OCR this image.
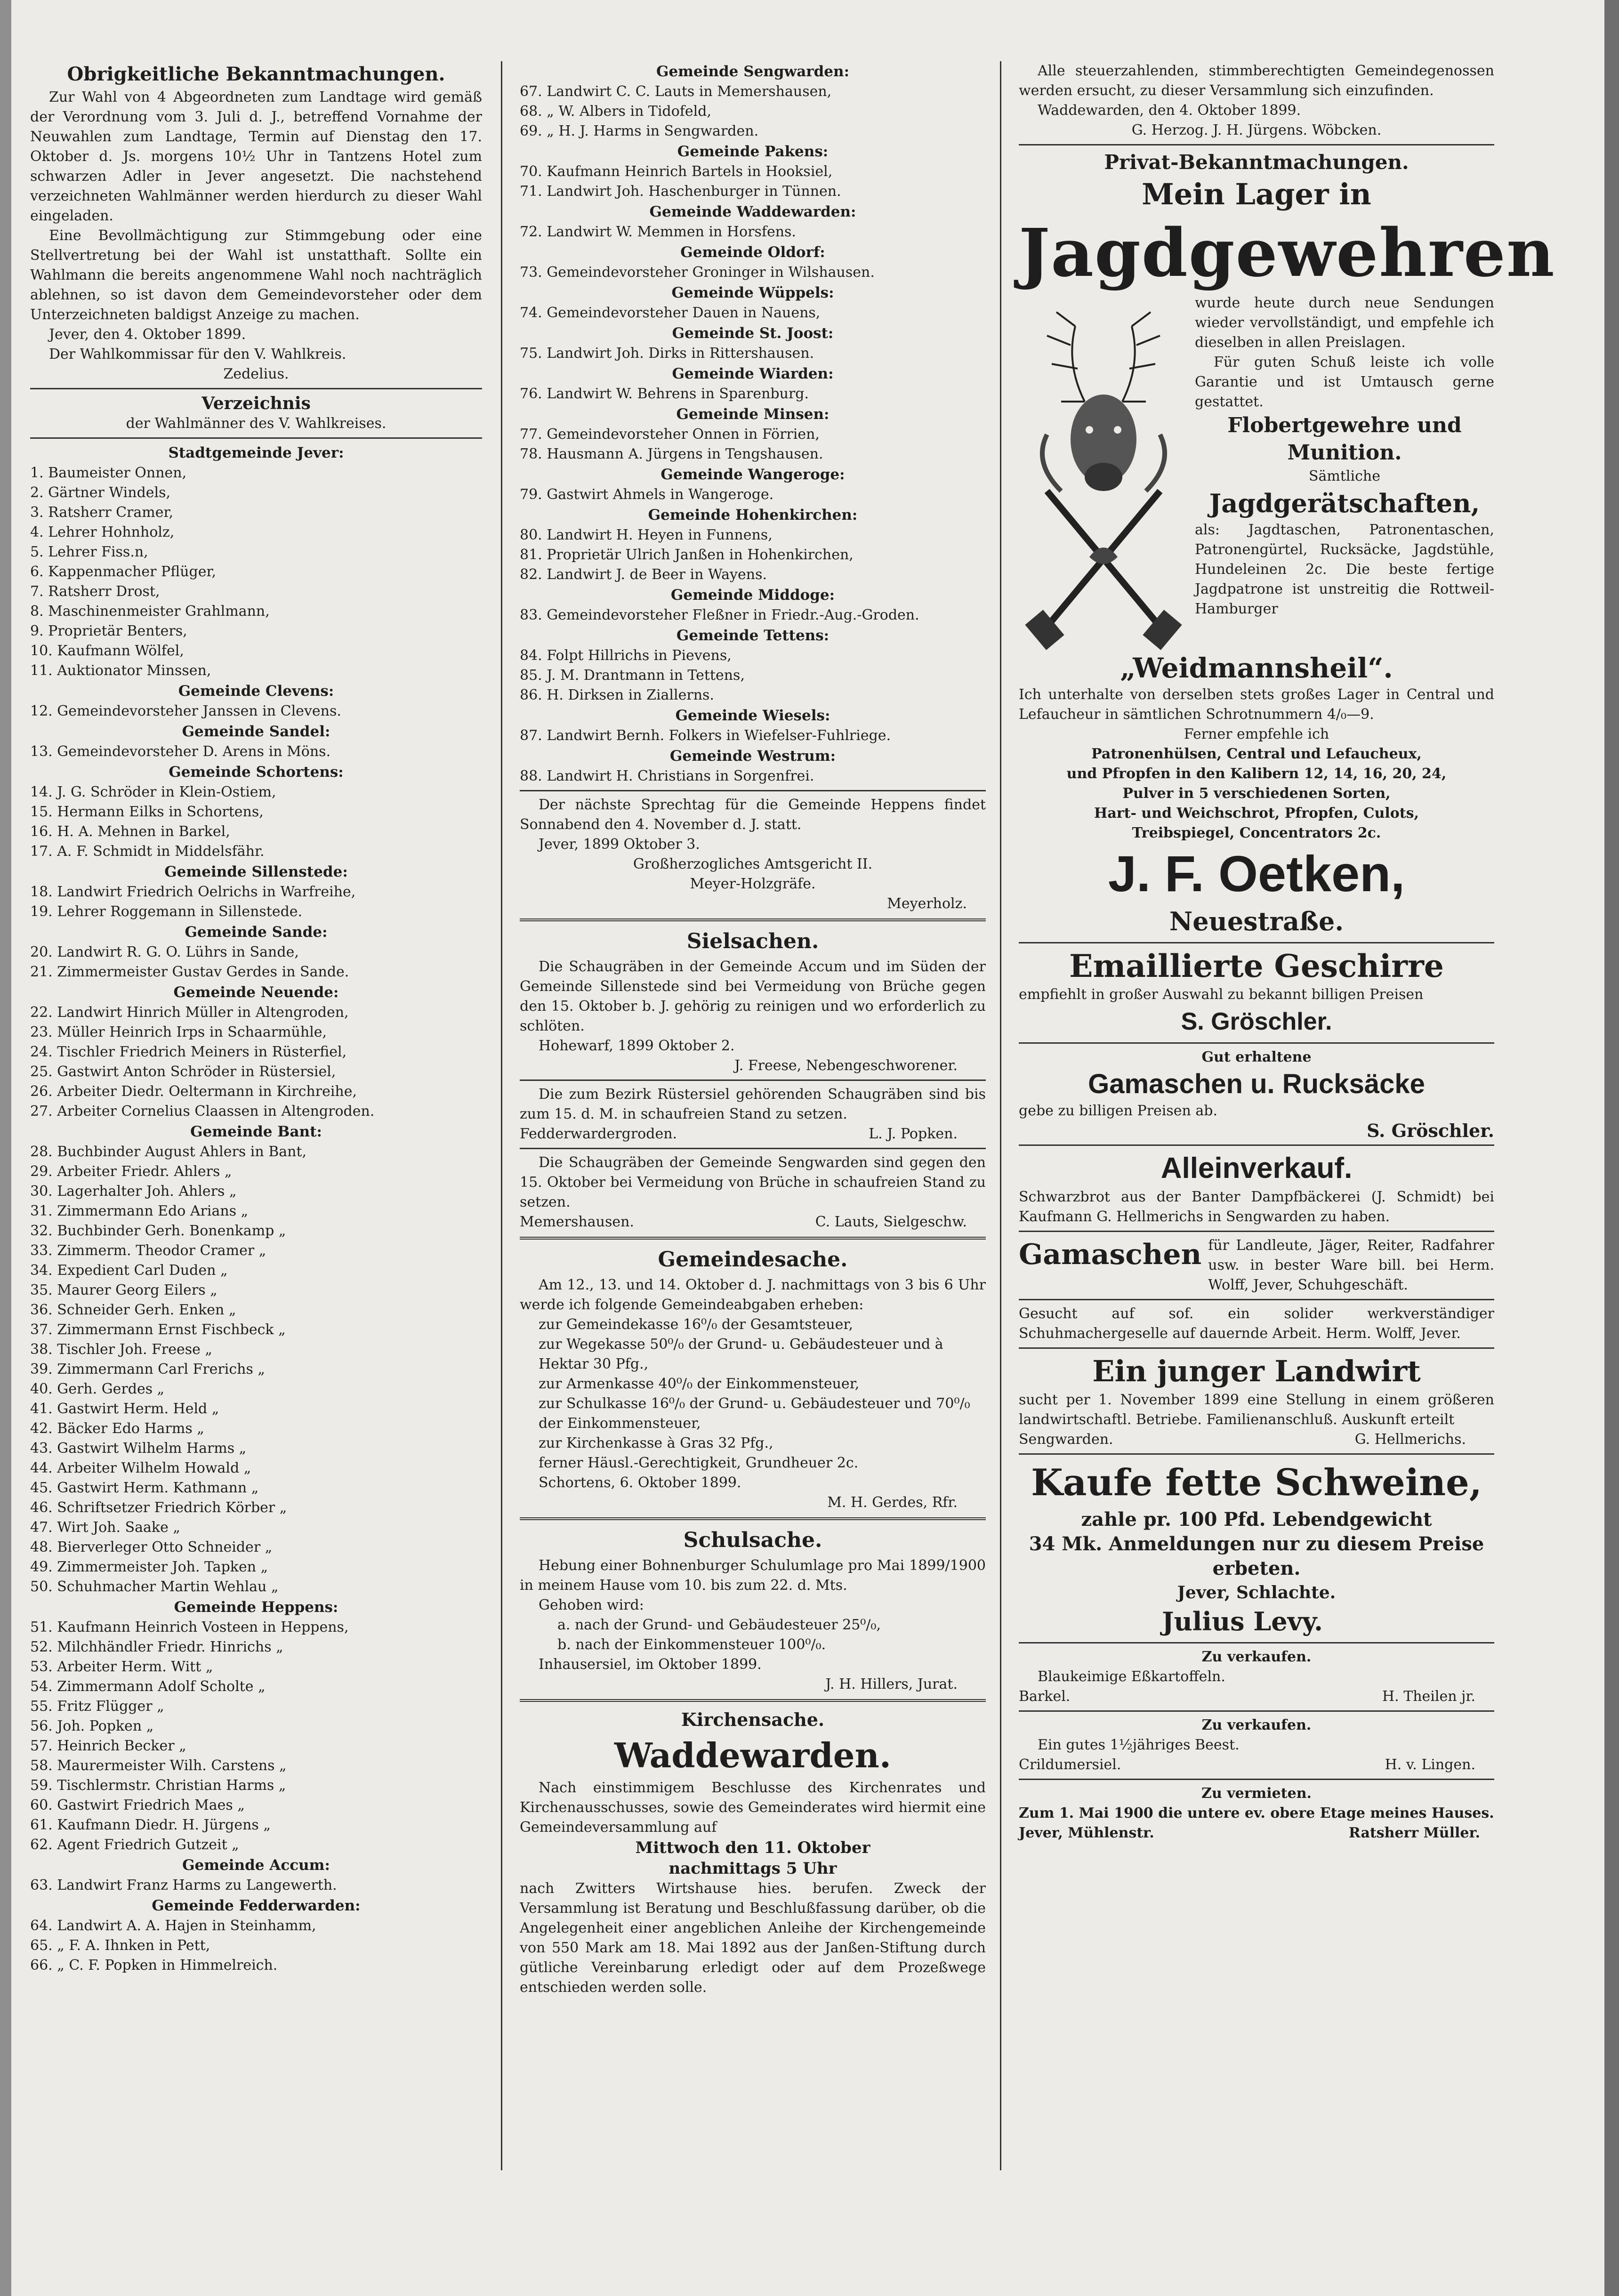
Obrigkeitliche Bekanntmachungen.

Zur Wahl von 4 Abgeordneten zum Landtage wird gemäß der Verordnung vom 3. Juli d. J., betreffend Vornahme der Neuwahlen zum Landtage, Termin auf Dienstag den 17. Oktober d. Js. morgens 10½ Uhr in Tantzens Hotel zum schwarzen Adler in Jever angesetzt. Die nachstehend verzeichneten Wahlmänner werden hierdurch zu dieser Wahl eingeladen.

Eine Bevollmächtigung zur Stimmgebung oder eine Stellvertretung bei der Wahl ist unstatthaft. Sollte ein Wahlmann die bereits angenommene Wahl noch nachträglich ablehnen, so ist davon dem Gemeindevorsteher oder dem Unterzeichneten baldigst Anzeige zu machen.

Jever, den 4. Oktober 1899.

Der Wahlkommissar für den V. Wahlkreis.

Zedelius.

Verzeichnis

der Wahlmänner des V. Wahlkreises.

Stadtgemeinde Jever:

1. Baumeister Onnen,

2. Gärtner Windels,

3. Ratsherr Cramer,

4. Lehrer Hohnholz,

5. Lehrer Fiss.n,

6. Kappenmacher Pflüger,

7. Ratsherr Drost,

8. Maschinenmeister Grahlmann,

9. Proprietär Benters,

10. Kaufmann Wölfel,

11. Auktionator Minssen,

Gemeinde Clevens:

12. Gemeindevorsteher Janssen in Clevens.

Gemeinde Sandel:

13. Gemeindevorsteher D. Arens in Möns.

Gemeinde Schortens:

14. J. G. Schröder in Klein-Ostiem,

15. Hermann Eilks in Schortens,

16. H. A. Mehnen in Barkel,

17. A. F. Schmidt in Middelsfähr.

Gemeinde Sillenstede:

18. Landwirt Friedrich Oelrichs in Warfreihe,

19. Lehrer Roggemann in Sillenstede.

Gemeinde Sande:

20. Landwirt R. G. O. Lührs in Sande,

21. Zimmermeister Gustav Gerdes in Sande.

Gemeinde Neuende:

22. Landwirt Hinrich Müller in Altengroden,

23. Müller Heinrich Irps in Schaarmühle,

24. Tischler Friedrich Meiners in Rüsterfiel,

25. Gastwirt Anton Schröder in Rüstersiel,

26. Arbeiter Diedr. Oeltermann in Kirchreihe,

27. Arbeiter Cornelius Claassen in Altengroden.

Gemeinde Bant:

28. Buchbinder August Ahlers in Bant,

29. Arbeiter Friedr. Ahlers „

30. Lagerhalter Joh. Ahlers „

31. Zimmermann Edo Arians „

32. Buchbinder Gerh. Bonenkamp „

33. Zimmerm. Theodor Cramer „

34. Expedient Carl Duden „

35. Maurer Georg Eilers „

36. Schneider Gerh. Enken „

37. Zimmermann Ernst Fischbeck „

38. Tischler Joh. Freese „

39. Zimmermann Carl Frerichs „

40. Gerh. Gerdes „

41. Gastwirt Herm. Held „

42. Bäcker Edo Harms „

43. Gastwirt Wilhelm Harms „

44. Arbeiter Wilhelm Howald „

45. Gastwirt Herm. Kathmann „

46. Schriftsetzer Friedrich Körber „

47. Wirt Joh. Saake „

48. Bierverleger Otto Schneider „

49. Zimmermeister Joh. Tapken „

50. Schuhmacher Martin Wehlau „

Gemeinde Heppens:

51. Kaufmann Heinrich Vosteen in Heppens,

52. Milchhändler Friedr. Hinrichs „

53. Arbeiter Herm. Witt „

54. Zimmermann Adolf Scholte „

55. Fritz Flügger „

56. Joh. Popken „

57. Heinrich Becker „

58. Maurermeister Wilh. Carstens „

59. Tischlermstr. Christian Harms „

60. Gastwirt Friedrich Maes „

61. Kaufmann Diedr. H. Jürgens „

62. Agent Friedrich Gutzeit „

Gemeinde Accum:

63. Landwirt Franz Harms zu Langewerth.

Gemeinde Fedderwarden:

64. Landwirt A. A. Hajen in Steinhamm,

65. „ F. A. Ihnken in Pett,

66. „ C. F. Popken in Himmelreich.

Gemeinde Sengwarden:

67. Landwirt C. C. Lauts in Memershausen,

68. „ W. Albers in Tidofeld,

69. „ H. J. Harms in Sengwarden.

Gemeinde Pakens:

70. Kaufmann Heinrich Bartels in Hooksiel,

71. Landwirt Joh. Haschenburger in Tünnen.

Gemeinde Waddewarden:

72. Landwirt W. Memmen in Horsfens.

Gemeinde Oldorf:

73. Gemeindevorsteher Groninger in Wilshausen.

Gemeinde Wüppels:

74. Gemeindevorsteher Dauen in Nauens,

Gemeinde St. Joost:

75. Landwirt Joh. Dirks in Rittershausen.

Gemeinde Wiarden:

76. Landwirt W. Behrens in Sparenburg.

Gemeinde Minsen:

77. Gemeindevorsteher Onnen in Förrien,

78. Hausmann A. Jürgens in Tengshausen.

Gemeinde Wangeroge:

79. Gastwirt Ahmels in Wangeroge.

Gemeinde Hohenkirchen:

80. Landwirt H. Heyen in Funnens,

81. Proprietär Ulrich Janßen in Hohenkirchen,

82. Landwirt J. de Beer in Wayens.

Gemeinde Middoge:

83. Gemeindevorsteher Fleßner in Friedr.-Aug.-Groden.

Gemeinde Tettens:

84. Folpt Hillrichs in Pievens,

85. J. M. Drantmann in Tettens,

86. H. Dirksen in Ziallerns.

Gemeinde Wiesels:

87. Landwirt Bernh. Folkers in Wiefelser-Fuhlriege.

Gemeinde Westrum:

88. Landwirt H. Christians in Sorgenfrei.

Der nächste Sprechtag für die Gemeinde Heppens findet Sonnabend den 4. November d. J. statt.

Jever, 1899 Oktober 3.

Großherzogliches Amtsgericht II.

Meyer-Holzgräfe.

Meyerholz.

Sielsachen.

Die Schaugräben in der Gemeinde Accum und im Süden der Gemeinde Sillenstede sind bei Vermeidung von Brüche gegen den 15. Oktober b. J. gehörig zu reinigen und wo erforderlich zu schlöten.

Hohewarf, 1899 Oktober 2.

J. Freese, Nebengeschworener.

Die zum Bezirk Rüstersiel gehörenden Schaugräben sind bis zum 15. d. M. in schaufreien Stand zu setzen.

Fedderwardergroden.	L. J. Popken.

Die Schaugräben der Gemeinde Sengwarden sind gegen den 15. Oktober bei Vermeidung von Brüche in schaufreien Stand zu setzen.

Memershausen.	C. Lauts, Sielgeschw.

Gemeindesache.

Am 12., 13. und 14. Oktober d. J. nachmittags von 3 bis 6 Uhr werde ich folgende Gemeindeabgaben erheben:

zur Gemeindekasse 16⁰/₀ der Gesamtsteuer,

zur Wegekasse 50⁰/₀ der Grund- u. Gebäudesteuer und à Hektar 30 Pfg.,

zur Armenkasse 40⁰/₀ der Einkommensteuer,

zur Schulkasse 16⁰/₀ der Grund- u. Gebäudesteuer und 70⁰/₀ der Einkommensteuer,

zur Kirchenkasse à Gras 32 Pfg.,

ferner Häusl.-Gerechtigkeit, Grundheuer 2c.

Schortens, 6. Oktober 1899.

M. H. Gerdes, Rfr.

Schulsache.

Hebung einer Bohnenburger Schulumlage pro Mai 1899/1900 in meinem Hause vom 10. bis zum 22. d. Mts.

Gehoben wird:

a. nach der Grund- und Gebäudesteuer 25⁰/₀,

b. nach der Einkommensteuer 100⁰/₀.

Inhausersiel, im Oktober 1899.

J. H. Hillers, Jurat.

Kirchensache.

Waddewarden.

Nach einstimmigem Beschlusse des Kirchenrates und Kirchenausschusses, sowie des Gemeinderates wird hiermit eine Gemeindeversammlung auf

Mittwoch den 11. Oktober

nachmittags 5 Uhr

nach Zwitters Wirtshause hies. berufen. Zweck der Versammlung ist Beratung und Beschlußfassung darüber, ob die Angelegenheit einer angeblichen Anleihe der Kirchengemeinde von 550 Mark am 18. Mai 1892 aus der Janßen-Stiftung durch gütliche Vereinbarung erledigt oder auf dem Prozeßwege entschieden werden solle.

Alle steuerzahlenden, stimmberechtigten Gemeindegenossen werden ersucht, zu dieser Versammlung sich einzufinden.

Waddewarden, den 4. Oktober 1899.

G. Herzog. J. H. Jürgens. Wöbcken.

Privat-Bekanntmachungen.

Mein Lager in

Jagdgewehren

wurde heute durch neue Sendungen wieder vervollständigt, und empfehle ich dieselben in allen Preislagen.

Für guten Schuß leiste ich volle Garantie und ist Umtausch gerne gestattet.

Flobertgewehre und Munition.

Sämtliche

Jagdgerätschaften,

als: Jagdtaschen, Patronentaschen, Patronengürtel, Rucksäcke, Jagdstühle, Hundeleinen 2c. Die beste fertige Jagdpatrone ist unstreitig die Rottweil-Hamburger

„Weidmannsheil“.

Ich unterhalte von derselben stets großes Lager in Central und Lefaucheur in sämtlichen Schrotnummern 4/₀—9.

Ferner empfehle ich

Patronenhülsen, Central und Lefaucheux,

und Pfropfen in den Kalibern 12, 14, 16, 20, 24,

Pulver in 5 verschiedenen Sorten,

Hart- und Weichschrot, Pfropfen, Culots,

Treibspiegel, Concentrators 2c.

J. F. Oetken,

Neuestraße.

Emaillierte Geschirre

empfiehlt in großer Auswahl zu bekannt billigen Preisen

S. Gröschler.

Gut erhaltene

Gamaschen u. Rucksäcke

gebe zu billigen Preisen ab.

S. Gröschler.

Alleinverkauf.

Schwarzbrot aus der Banter Dampfbäckerei (J. Schmidt) bei Kaufmann G. Hellmerichs in Sengwarden zu haben.

Gamaschen für Landleute, Jäger, Reiter, Radfahrer usw. in bester Ware bill. bei Herm. Wolff, Jever, Schuhgeschäft.

Gesucht auf sof. ein solider werkverständiger Schuhmachergeselle auf dauernde Arbeit. Herm. Wolff, Jever.

Ein junger Landwirt

sucht per 1. November 1899 eine Stellung in einem größeren landwirtschaftl. Betriebe. Familienanschluß. Auskunft erteilt

Sengwarden.	G. Hellmerichs.

Kaufe fette Schweine,

zahle pr. 100 Pfd. Lebendgewicht

34 Mk. Anmeldungen nur zu diesem Preise erbeten.

Jever, Schlachte.

Julius Levy.

Zu verkaufen.

Blaukeimige Eßkartoffeln.

Barkel.	H. Theilen jr.

Zu verkaufen.

Ein gutes 1½jähriges Beest.

Crildumersiel.	H. v. Lingen.

Zu vermieten.

Zum 1. Mai 1900 die untere ev. obere Etage meines Hauses.

Jever, Mühlenstr.	Ratsherr Müller.
